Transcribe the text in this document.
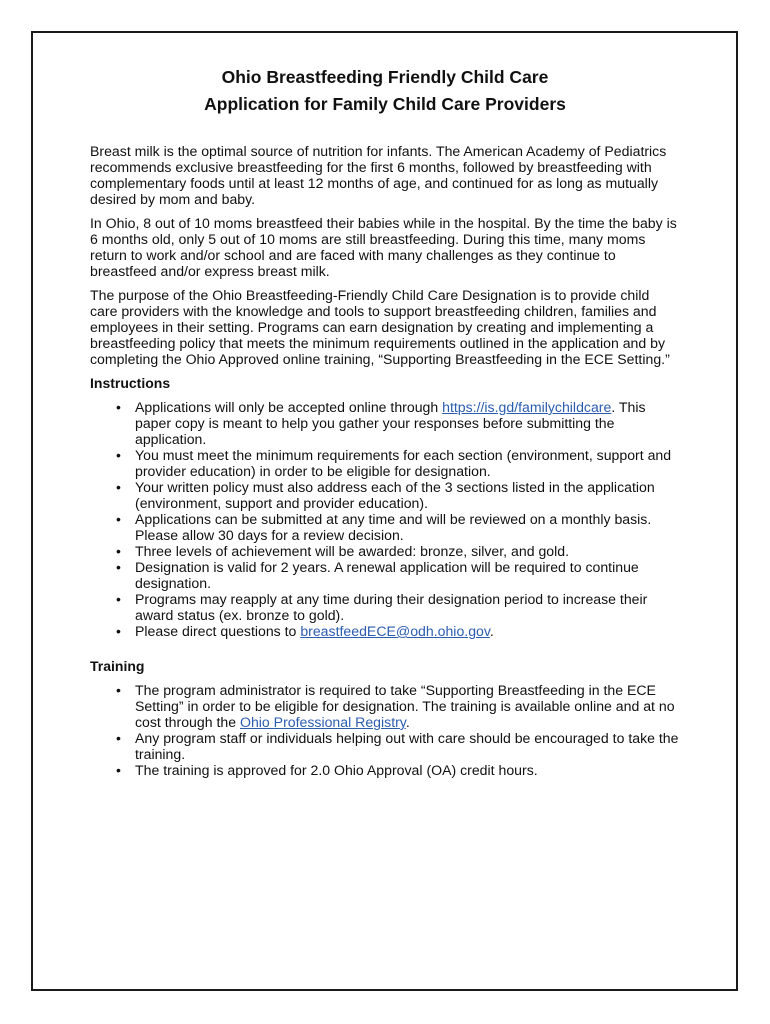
Ohio Breastfeeding Friendly Child Care
Application for Family Child Care Providers

Breast milk is the optimal source of nutrition for infants. The American Academy of Pediatrics recommends exclusive breastfeeding for the first 6 months, followed by breastfeeding with complementary foods until at least 12 months of age, and continued for as long as mutually desired by mom and baby.

In Ohio, 8 out of 10 moms breastfeed their babies while in the hospital. By the time the baby is 6 months old, only 5 out of 10 moms are still breastfeeding. During this time, many moms return to work and/or school and are faced with many challenges as they continue to breastfeed and/or express breast milk.

The purpose of the Ohio Breastfeeding-Friendly Child Care Designation is to provide child care providers with the knowledge and tools to support breastfeeding children, families and employees in their setting. Programs can earn designation by creating and implementing a breastfeeding policy that meets the minimum requirements outlined in the application and by completing the Ohio Approved online training, “Supporting Breastfeeding in the ECE Setting.”

Instructions
• Applications will only be accepted online through https://is.gd/familychildcare. This paper copy is meant to help you gather your responses before submitting the application.
• You must meet the minimum requirements for each section (environment, support and provider education) in order to be eligible for designation.
• Your written policy must also address each of the 3 sections listed in the application (environment, support and provider education).
• Applications can be submitted at any time and will be reviewed on a monthly basis. Please allow 30 days for a review decision.
• Three levels of achievement will be awarded: bronze, silver, and gold.
• Designation is valid for 2 years. A renewal application will be required to continue designation.
• Programs may reapply at any time during their designation period to increase their award status (ex. bronze to gold).
• Please direct questions to breastfeedECE@odh.ohio.gov.
Training
• The program administrator is required to take “Supporting Breastfeeding in the ECE Setting” in order to be eligible for designation. The training is available online and at no cost through the Ohio Professional Registry.
• Any program staff or individuals helping out with care should be encouraged to take the training.
• The training is approved for 2.0 Ohio Approval (OA) credit hours.
